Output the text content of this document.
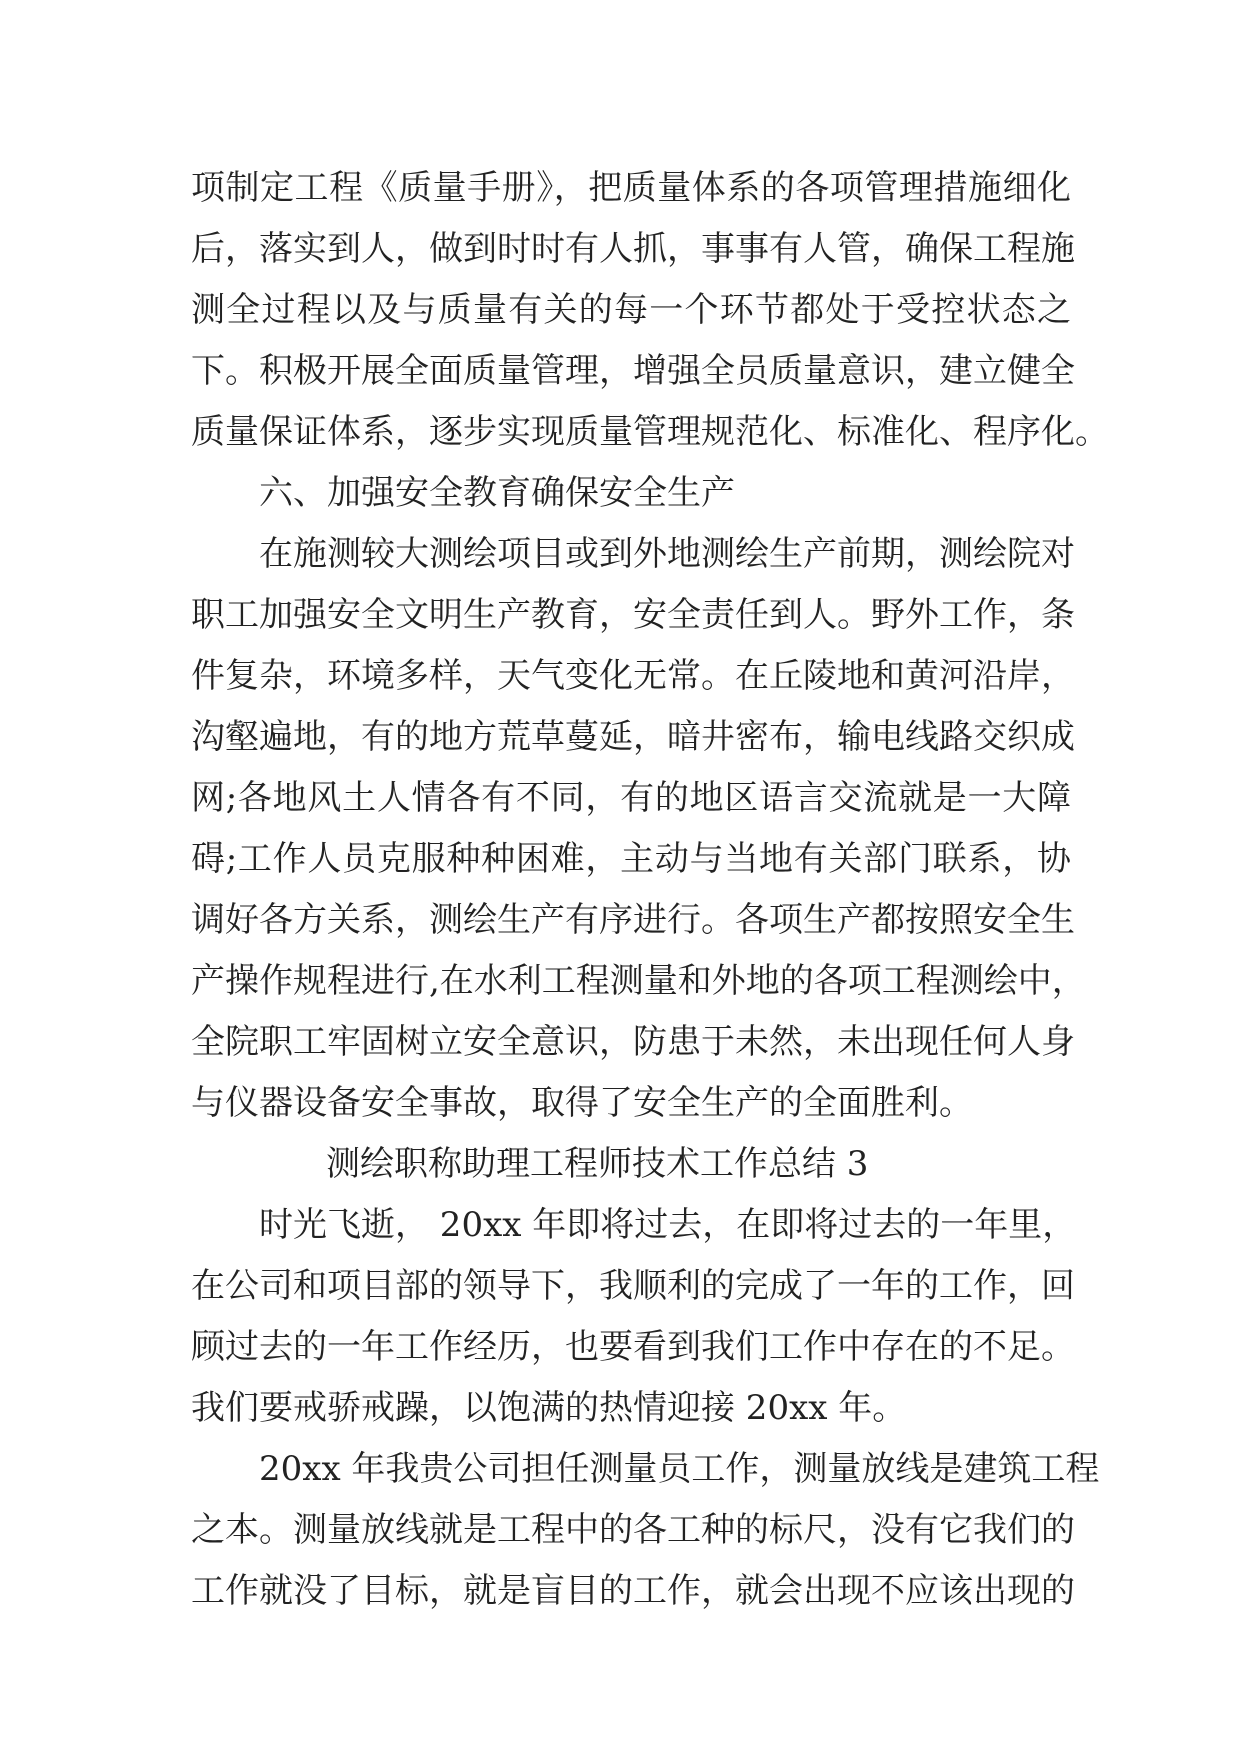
项制定工程《质量手册》，把质量体系的各项管理措施细化
后，落实到人，做到时时有人抓，事事有人管，确保工程施
测全过程以及与质量有关的每一个环节都处于受控状态之
下。积极开展全面质量管理，增强全员质量意识，建立健全
质量保证体系，逐步实现质量管理规范化、标准化、程序化。
六、加强安全教育确保安全生产
在施测较大测绘项目或到外地测绘生产前期，测绘院对
职工加强安全文明生产教育，安全责任到人。野外工作，条
件复杂，环境多样，天气变化无常。在丘陵地和黄河沿岸，
沟壑遍地，有的地方荒草蔓延，暗井密布，输电线路交织成
网;各地风土人情各有不同，有的地区语言交流就是一大障
碍;工作人员克服种种困难，主动与当地有关部门联系，协
调好各方关系，测绘生产有序进行。各项生产都按照安全生
产操作规程进行,在水利工程测量和外地的各项工程测绘中，
全院职工牢固树立安全意识，防患于未然，未出现任何人身
与仪器设备安全事故，取得了安全生产的全面胜利。
测绘职称助理工程师技术工作总结 3
时光飞逝， 20xx 年即将过去，在即将过去的一年里，
在公司和项目部的领导下，我顺利的完成了一年的工作，回
顾过去的一年工作经历，也要看到我们工作中存在的不足。
我们要戒骄戒躁，以饱满的热情迎接 20xx 年。
20xx 年我贵公司担任测量员工作，测量放线是建筑工程
之本。测量放线就是工程中的各工种的标尺，没有它我们的
工作就没了目标，就是盲目的工作，就会出现不应该出现的
